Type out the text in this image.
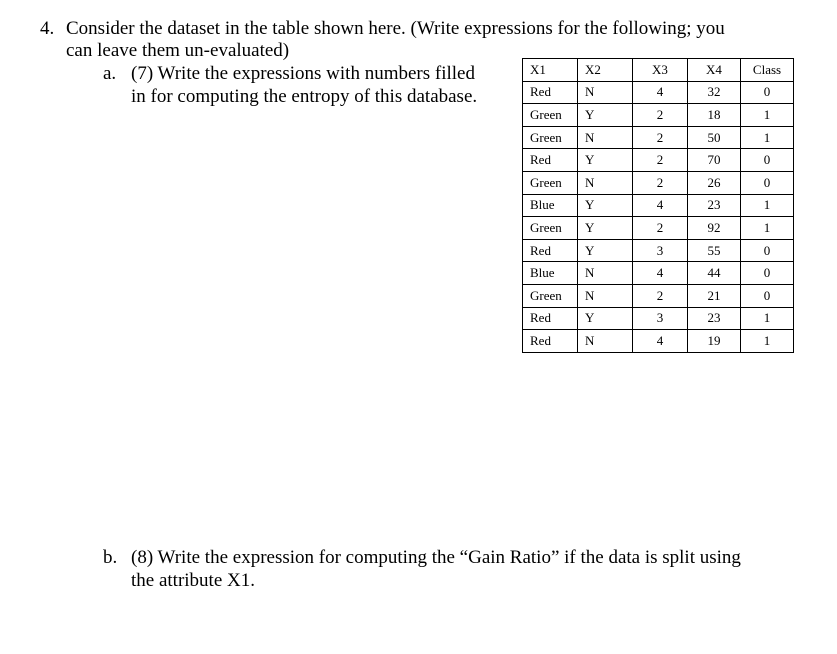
4. Consider the dataset in the table shown here. (Write expressions for the following; you
can leave them un-evaluated)
a. (7) Write the expressions with numbers filled
in for computing the entropy of this database.
X1	X2	X3	X4	Class
Red	N	4	32	0
Green	Y	2	18	1
Green	N	2	50	1
Red	Y	2	70	0
Green	N	2	26	0
Blue	Y	4	23	1
Green	Y	2	92	1
Red	Y	3	55	0
Blue	N	4	44	0
Green	N	2	21	0
Red	Y	3	23	1
Red	N	4	19	1
b. (8) Write the expression for computing the “Gain Ratio” if the data is split using
the attribute X1.
